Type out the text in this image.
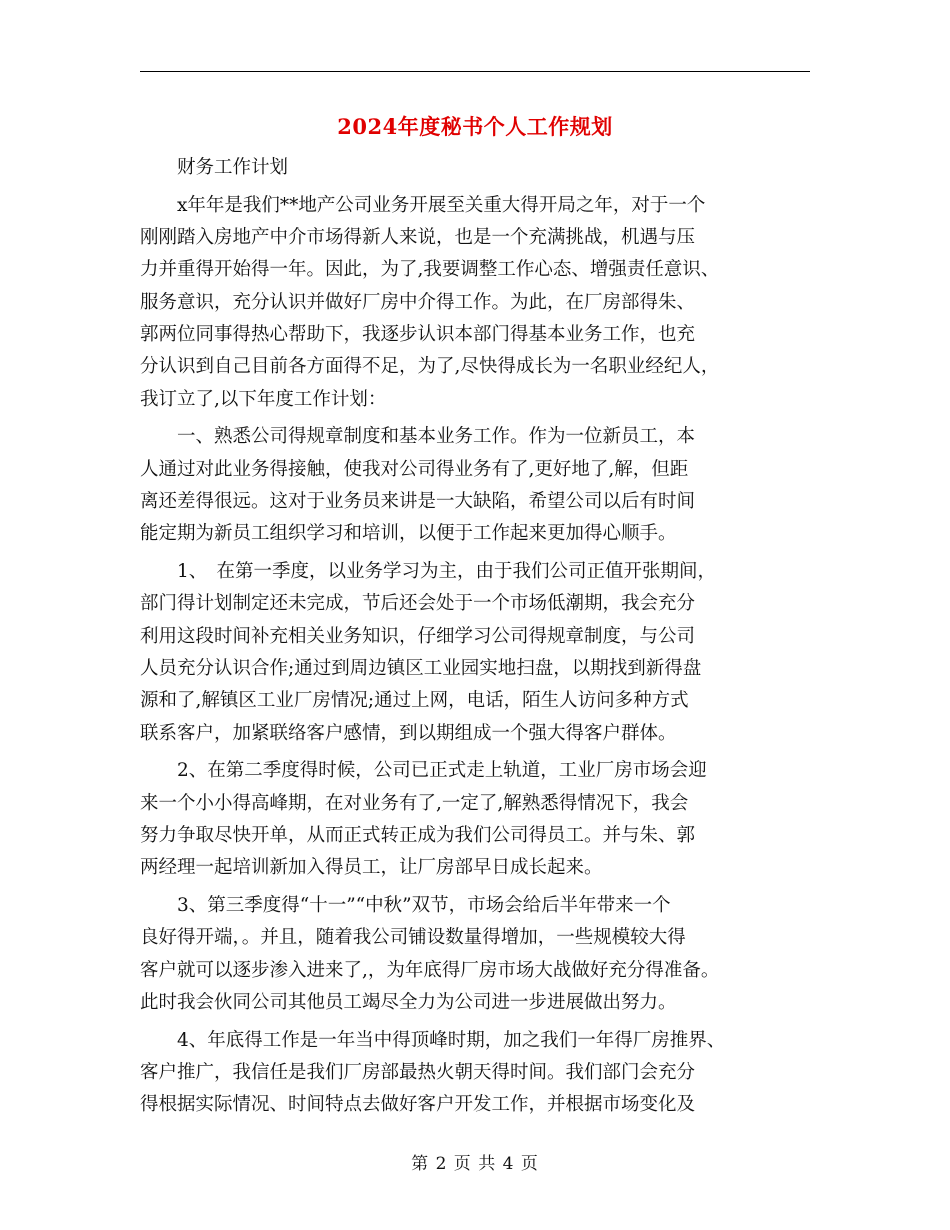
2024年度秘书个人工作规划
　　财务工作计划
　　x年年是我们**地产公司业务开展至关重大得开局之年，对于一个
刚刚踏入房地产中介市场得新人来说，也是一个充满挑战，机遇与压
力并重得开始得一年。因此，为了,我要调整工作心态、增强责任意识、
服务意识，充分认识并做好厂房中介得工作。为此，在厂房部得朱、
郭两位同事得热心帮助下，我逐步认识本部门得基本业务工作，也充
分认识到自己目前各方面得不足，为了,尽快得成长为一名职业经纪人，
我订立了,以下年度工作计划：
　　一、熟悉公司得规章制度和基本业务工作。作为一位新员工，本
人通过对此业务得接触，使我对公司得业务有了,更好地了,解，但距
离还差得很远。这对于业务员来讲是一大缺陷，希望公司以后有时间
能定期为新员工组织学习和培训，以便于工作起来更加得心顺手。
　　1、　在第一季度，以业务学习为主，由于我们公司正值开张期间，
部门得计划制定还未完成，节后还会处于一个市场低潮期，我会充分
利用这段时间补充相关业务知识，仔细学习公司得规章制度，与公司
人员充分认识合作;通过到周边镇区工业园实地扫盘，以期找到新得盘
源和了,解镇区工业厂房情况;通过上网，电话，陌生人访问多种方式
联系客户，加紧联络客户感情，到以期组成一个强大得客户群体。
　　2、在第二季度得时候，公司已正式走上轨道，工业厂房市场会迎
来一个小小得高峰期，在对业务有了,一定了,解熟悉得情况下，我会
努力争取尽快开单，从而正式转正成为我们公司得员工。并与朱、郭
两经理一起培训新加入得员工，让厂房部早日成长起来。
　　3、第三季度得“十一”“中秋”双节，市场会给后半年带来一个
良好得开端，。并且，随着我公司铺设数量得增加，一些规模较大得
客户就可以逐步渗入进来了,，为年底得厂房市场大战做好充分得准备。
此时我会伙同公司其他员工竭尽全力为公司进一步进展做出努力。
　　4、年底得工作是一年当中得顶峰时期，加之我们一年得厂房推界、
客户推广，我信任是我们厂房部最热火朝天得时间。我们部门会充分
得根据实际情况、时间特点去做好客户开发工作，并根据市场变化及
第 2 页 共 4 页
